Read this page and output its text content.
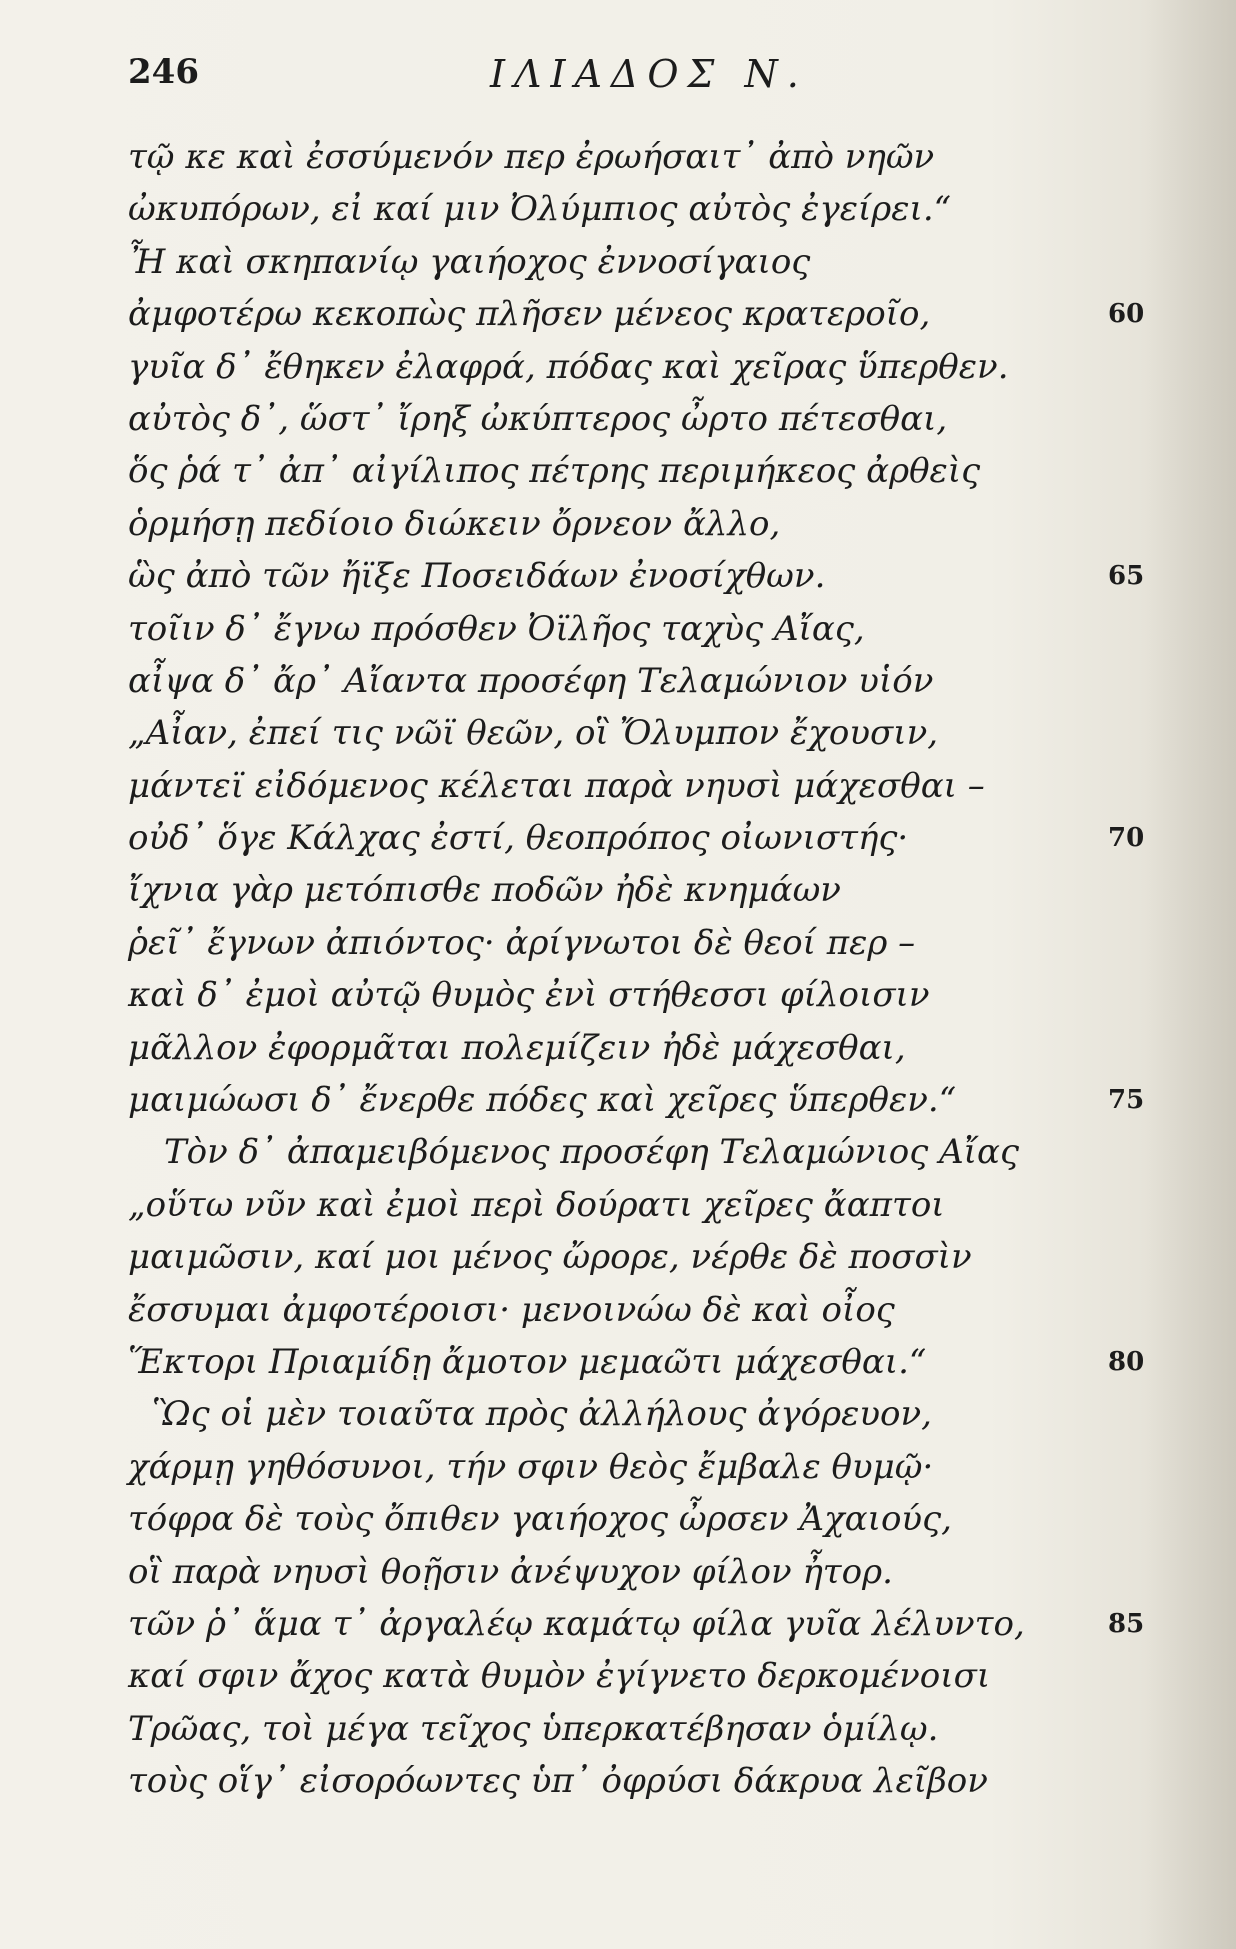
246	ΙΛΙΑΔΟΣ Ν.
τῷ κε καὶ ἐσσύμενόν περ ἐρωήσαιτ᾽ ἀπὸ νηῶν
ὠκυπόρων, εἰ καί μιν Ὀλύμπιος αὐτὸς ἐγείρει.“
Ἦ καὶ σκηπανίῳ γαιήοχος ἐννοσίγαιος
ἀμφοτέρω κεκοπὼς πλῆσεν μένεος κρατεροῖο,	60
γυῖα δ᾽ ἔθηκεν ἐλαφρά, πόδας καὶ χεῖρας ὕπερθεν.
αὐτὸς δ᾽, ὥστ᾽ ἴρηξ ὠκύπτερος ὦρτο πέτεσθαι,
ὅς ῥά τ᾽ ἀπ᾽ αἰγίλιπος πέτρης περιμήκεος ἀρθεὶς
ὁρμήσῃ πεδίοιο διώκειν ὄρνεον ἄλλο,
ὣς ἀπὸ τῶν ἤϊξε Ποσειδάων ἐνοσίχθων.	65
τοῖιν δ᾽ ἔγνω πρόσθεν Ὀϊλῆος ταχὺς Αἴας,
αἶψα δ᾽ ἄρ᾽ Αἴαντα προσέφη Τελαμώνιον υἱόν
„Αἶαν, ἐπεί τις νῶϊ θεῶν, οἳ Ὄλυμπον ἔχουσιν,
μάντεϊ εἰδόμενος κέλεται παρὰ νηυσὶ μάχεσθαι –
οὐδ᾽ ὅγε Κάλχας ἐστί, θεοπρόπος οἰωνιστής·	70
ἴχνια γὰρ μετόπισθε ποδῶν ἠδὲ κνημάων
ῥεῖ᾽ ἔγνων ἀπιόντος· ἀρίγνωτοι δὲ θεοί περ –
καὶ δ᾽ ἐμοὶ αὐτῷ θυμὸς ἐνὶ στήθεσσι φίλοισιν
μᾶλλον ἐφορμᾶται πολεμίζειν ἠδὲ μάχεσθαι,
μαιμώωσι δ᾽ ἔνερθε πόδες καὶ χεῖρες ὕπερθεν.“	75
Τὸν δ᾽ ἀπαμειβόμενος προσέφη Τελαμώνιος Αἴας
„οὕτω νῦν καὶ ἐμοὶ περὶ δούρατι χεῖρες ἄαπτοι
μαιμῶσιν, καί μοι μένος ὤρορε, νέρθε δὲ ποσσὶν
ἔσσυμαι ἀμφοτέροισι· μενοινώω δὲ καὶ οἶος
Ἕκτορι Πριαμίδῃ ἄμοτον μεμαῶτι μάχεσθαι.“	80
Ὣς οἱ μὲν τοιαῦτα πρὸς ἀλλήλους ἀγόρευον,
χάρμῃ γηθόσυνοι, τήν σφιν θεὸς ἔμβαλε θυμῷ·
τόφρα δὲ τοὺς ὄπιθεν γαιήοχος ὦρσεν Ἀχαιούς,
οἳ παρὰ νηυσὶ θοῇσιν ἀνέψυχον φίλον ἦτορ.
τῶν ῥ᾽ ἅμα τ᾽ ἀργαλέῳ καμάτῳ φίλα γυῖα λέλυντο,	85
καί σφιν ἄχος κατὰ θυμὸν ἐγίγνετο δερκομένοισι
Τρῶας, τοὶ μέγα τεῖχος ὑπερκατέβησαν ὁμίλῳ.
τοὺς οἵγ᾽ εἰσορόωντες ὑπ᾽ ὀφρύσι δάκρυα λεῖβον
